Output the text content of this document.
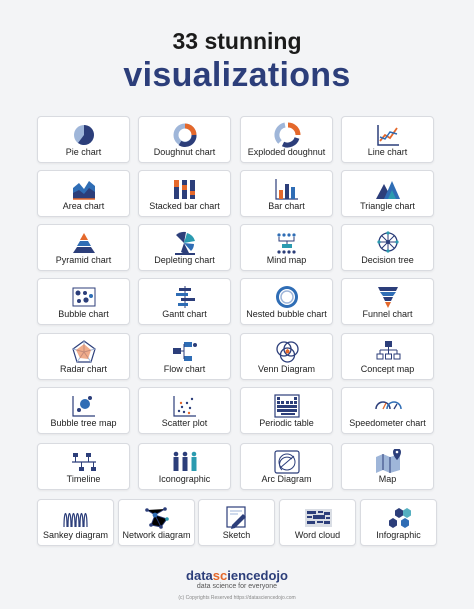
33 stunning
visualizations
Pie chart	Doughnut chart	Exploded doughnut	Line chart
Area chart	Stacked bar chart	Bar chart	Triangle chart
Pyramid chart	Depleting chart	Mind map	Decision tree
Bubble chart	Gantt chart	Nested bubble chart	Funnel chart
Radar chart	Flow chart	Venn Diagram	Concept map
Bubble tree map	Scatter plot	Periodic table	Speedometer chart
Timeline	Iconographic	Arc Diagram	Map
Sankey diagram	Network diagram	Sketch	Word cloud	Infographic
datasciencedojo
data science for everyone
(c) Copyrights Reserved https://datasciencedojo.com
